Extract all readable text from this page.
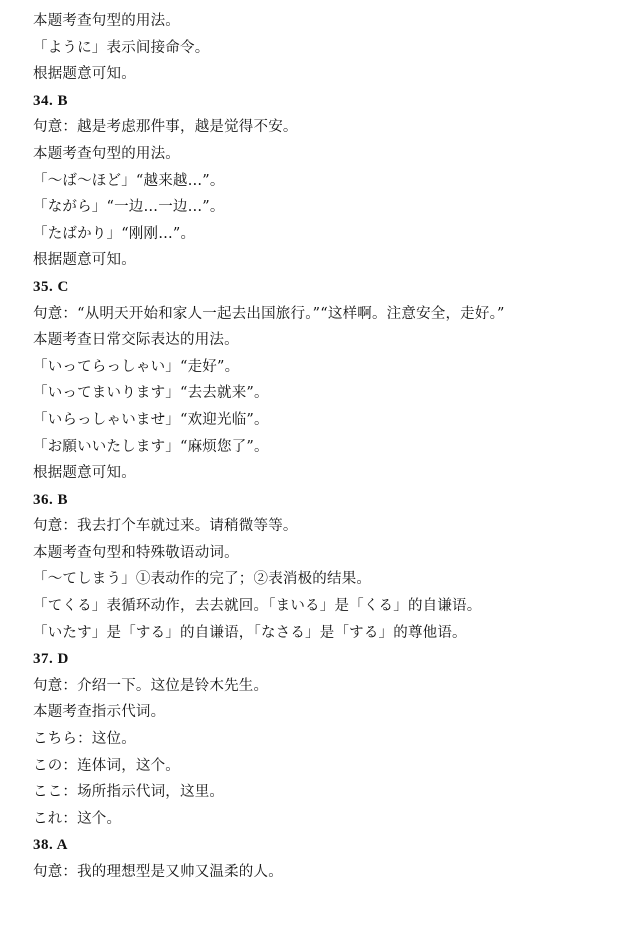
本题考查句型的用法。
「ように」表示间接命令。
根据题意可知。
34. B
句意：越是考虑那件事，越是觉得不安。
本题考查句型的用法。
「～ば～ほど」“越来越…”。
「ながら」“一边…一边…”。
「たばかり」“刚刚…”。
根据题意可知。
35. C
句意：“从明天开始和家人一起去出国旅行。”“这样啊。注意安全，走好。”
本题考查日常交际表达的用法。
「いってらっしゃい」“走好”。
「いってまいります」“去去就来”。
「いらっしゃいませ」“欢迎光临”。
「お願いいたします」“麻烦您了”。
根据题意可知。
36. B
句意：我去打个车就过来。请稍微等等。
本题考查句型和特殊敬语动词。
「～てしまう」①表动作的完了；②表消极的结果。
「てくる」表循环动作，去去就回。「まいる」是「くる」的自谦语。
「いたす」是「する」的自谦语，「なさる」是「する」的尊他语。
37. D
句意：介绍一下。这位是铃木先生。
本题考查指示代词。
こちら：这位。
この：连体词，这个。
ここ：场所指示代词，这里。
これ：这个。
38. A
句意：我的理想型是又帅又温柔的人。
